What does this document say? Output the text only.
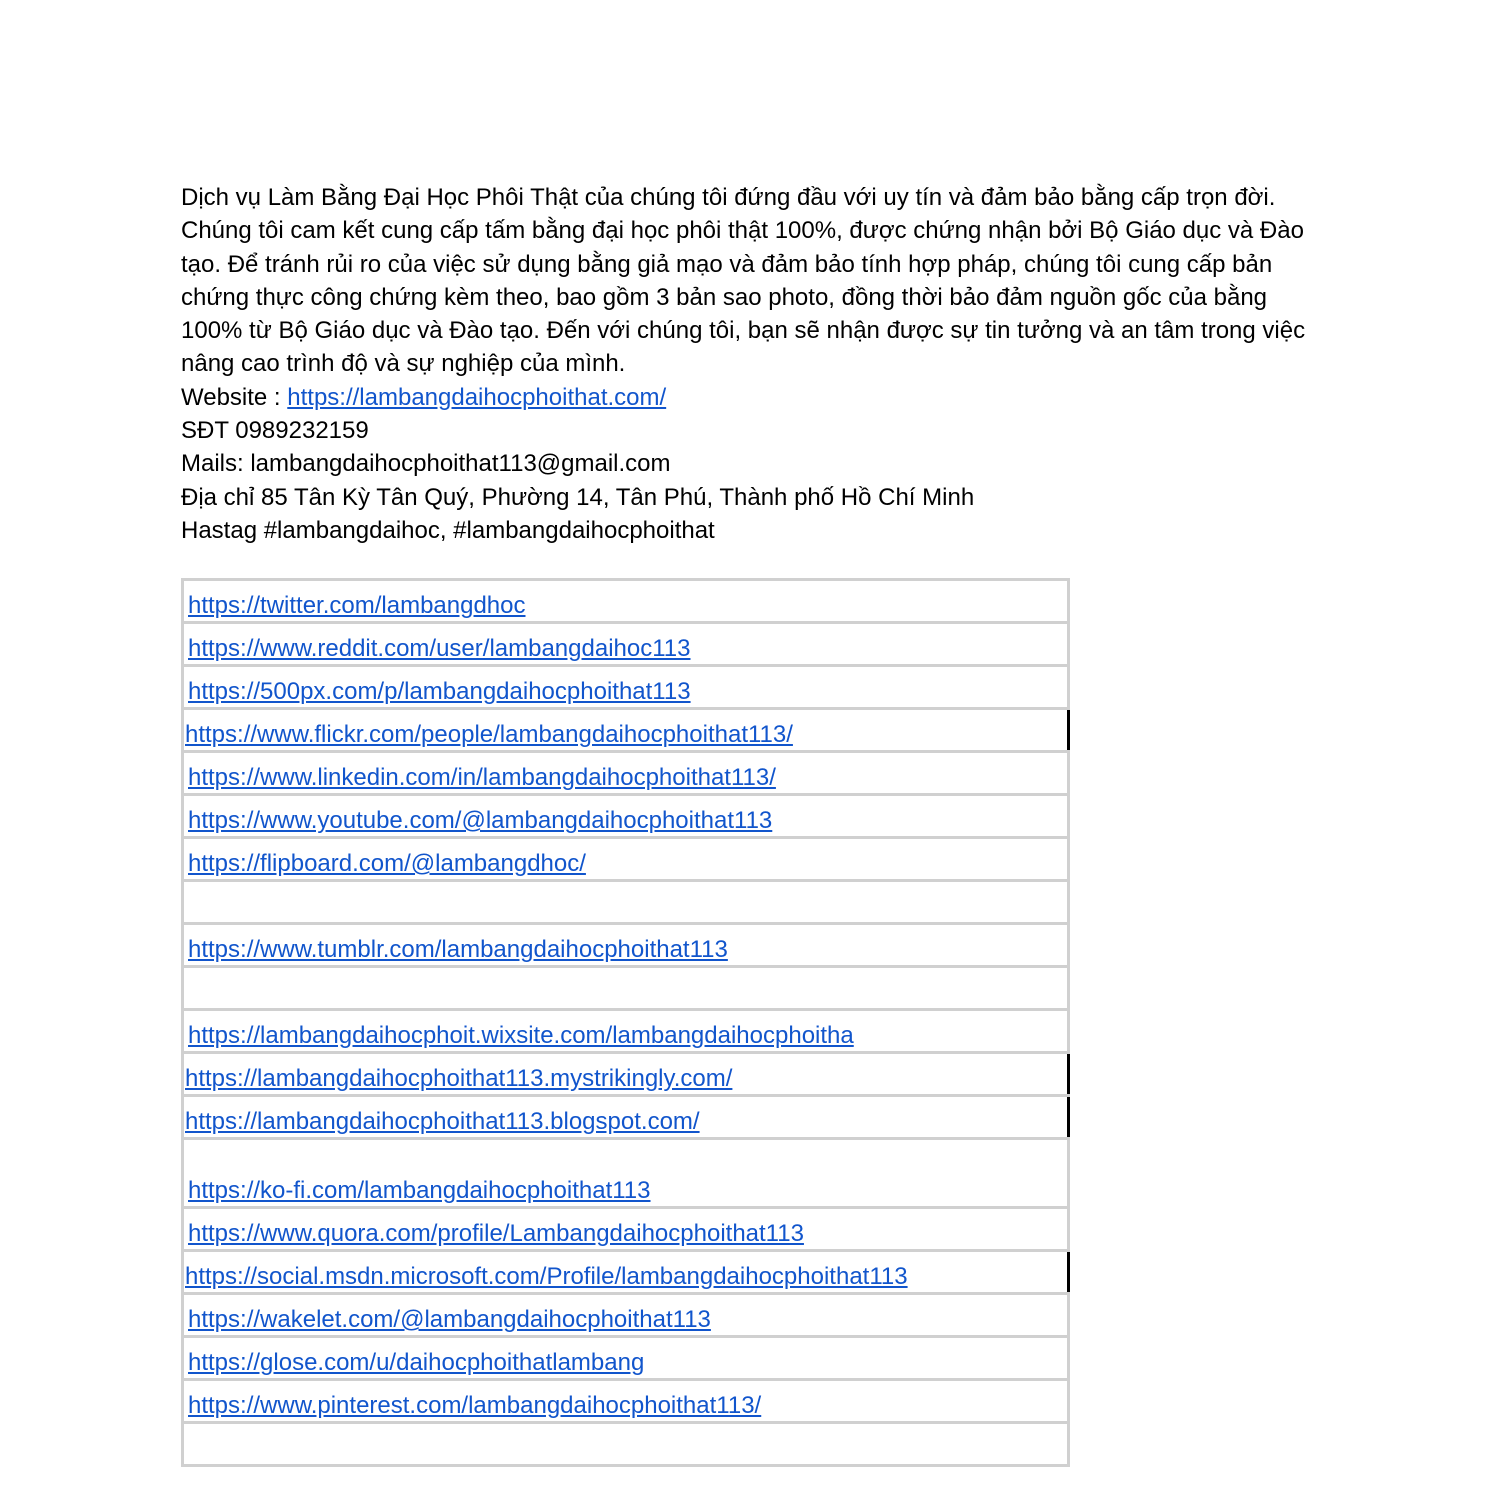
Dịch vụ Làm Bằng Đại Học Phôi Thật của chúng tôi đứng đầu với uy tín và đảm bảo bằng cấp trọn đời. Chúng tôi cam kết cung cấp tấm bằng đại học phôi thật 100%, được chứng nhận bởi Bộ Giáo dục và Đào tạo. Để tránh rủi ro của việc sử dụng bằng giả mạo và đảm bảo tính hợp pháp, chúng tôi cung cấp bản chứng thực công chứng kèm theo, bao gồm 3 bản sao photo, đồng thời bảo đảm nguồn gốc của bằng 100% từ Bộ Giáo dục và Đào tạo. Đến với chúng tôi, bạn sẽ nhận được sự tin tưởng và an tâm trong việc nâng cao trình độ và sự nghiệp của mình.

Website : https://lambangdaihocphoithat.com/

SĐT 0989232159

Mails: lambangdaihocphoithat113@gmail.com

Địa chỉ 85 Tân Kỳ Tân Quý, Phường 14, Tân Phú, Thành phố Hồ Chí Minh

Hastag #lambangdaihoc, #lambangdaihocphoithat

https://twitter.com/lambangdhoc
https://www.reddit.com/user/lambangdaihoc113
https://500px.com/p/lambangdaihocphoithat113
https://www.flickr.com/people/lambangdaihocphoithat113/
https://www.linkedin.com/in/lambangdaihocphoithat113/
https://www.youtube.com/@lambangdaihocphoithat113
https://flipboard.com/@lambangdhoc/

https://www.tumblr.com/lambangdaihocphoithat113

https://lambangdaihocphoit.wixsite.com/lambangdaihocphoitha
https://lambangdaihocphoithat113.mystrikingly.com/
https://lambangdaihocphoithat113.blogspot.com/
https://ko-fi.com/lambangdaihocphoithat113
https://www.quora.com/profile/Lambangdaihocphoithat113
https://social.msdn.microsoft.com/Profile/lambangdaihocphoithat113
https://wakelet.com/@lambangdaihocphoithat113
https://glose.com/u/daihocphoithatlambang
https://www.pinterest.com/lambangdaihocphoithat113/
